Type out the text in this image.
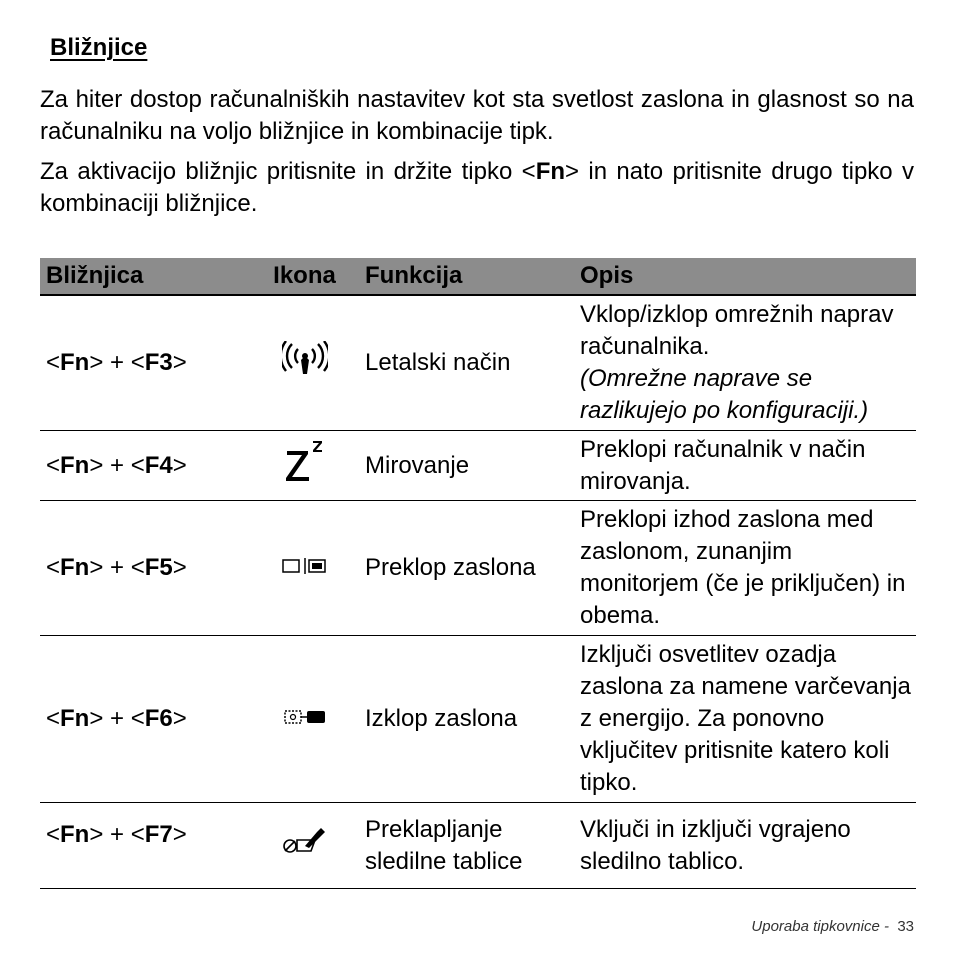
Bližnjice

Za hiter dostop računalniških nastavitev kot sta svetlost zaslona in glasnost so na računalniku na voljo bližnjice in kombinacije tipk.

Za aktivacijo bližnjic pritisnite in držite tipko <Fn> in nato pritisnite drugo tipko v kombinaciji bližnjice.

Bližnjica	Ikona	Funkcija	Opis
<Fn> + <F3>		Letalski način	Vklop/izklop omrežnih naprav računalnika.
(Omrežne naprave se razlikujejo po konfiguraciji.)
<Fn> + <F4>		Mirovanje	Preklopi računalnik v način mirovanja.
<Fn> + <F5>		Preklop zaslona	Preklopi izhod zaslona med zaslonom, zunanjim monitorjem (če je priključen) in obema.
<Fn> + <F6>		Izklop zaslona	Izključi osvetlitev ozadja zaslona za namene varčevanja z energijo. Za ponovno vključitev pritisnite katero koli tipko.
<Fn> + <F7>		Preklapljanje sledilne tablice	Vključi in izključi vgrajeno sledilno tablico.
Uporaba tipkovnice - 33
